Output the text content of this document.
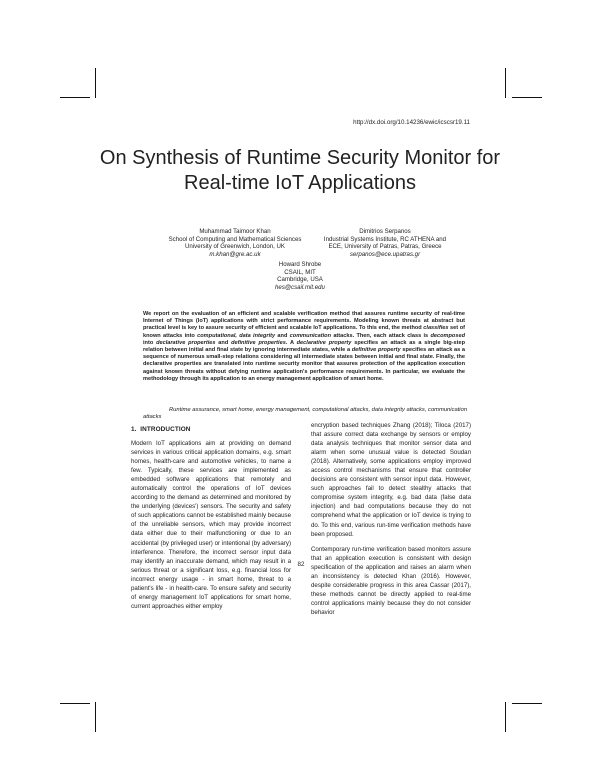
http://dx.doi.org/10.14236/ewic/icscsr19.11
On Synthesis of Runtime Security Monitor for
Real-time IoT Applications
Muhammad Taimoor Khan
School of Computing and Mathematical Sciences
University of Greenwich, London, UK
m.khan@gre.ac.uk
Dimitrios Serpanos
Industrial Systems Institute, RC ATHENA and
ECE, University of Patras, Patras, Greece
serpanos@ece.upatras.gr
Howard Shrobe
CSAIL, MIT
Cambridge, USA
hes@csail.mit.edu
We report on the evaluation of an efficient and scalable verification method that assures runtime security of real-time Internet of Things (IoT) applications with strict performance requirements. Modeling known threats at abstract but practical level is key to assure security of efficient and scalable IoT applications. To this end, the method classifies set of known attacks into computational, data integrity and communication attacks. Then, each attack class is decomposed into declarative properties and definitive properties. A declarative property specifies an attack as a single big-step relation between initial and final state by ignoring intermediate states, while a definitive property specifies an attack as a sequence of numerous small-step relations considering all intermediate states between initial and final state. Finally, the declarative properties are translated into runtime security monitor that assures protection of the application execution against known threats without defying runtime application's performance requirements. In particular, we evaluate the methodology through its application to an energy management application of smart home.
Runtime assurance, smart home, energy management, computational attacks, data integrity attacks, communication attacks
1. INTRODUCTION

Modern IoT applications aim at providing on demand services in various critical application domains, e.g. smart homes, health-care and automotive vehicles, to name a few. Typically, these services are implemented as embedded software applications that remotely and automatically control the operations of IoT devices according to the demand as determined and monitored by the underlying (devices') sensors. The security and safety of such applications cannot be established mainly because of the unreliable sensors, which may provide incorrect data either due to their malfunctioning or due to an accidental (by privileged user) or intentional (by adversary) interference. Therefore, the incorrect sensor input data may identify an inaccurate demand, which may result in a serious threat or a significant loss, e.g. financial loss for incorrect energy usage - in smart home, threat to a patient's life - in health-care. To ensure safety and security of energy management IoT applications for smart home, current approaches either employ

encryption based techniques Zhang (2018); Tiloca (2017) that assure correct data exchange by sensors or employ data analysis techniques that monitor sensor data and alarm when some unusual value is detected Soudan (2018). Alternatively, some applications employ improved access control mechanisms that ensure that controller decisions are consistent with sensor input data. However, such approaches fail to detect stealthy attacks that compromise system integrity, e.g. bad data (false data injection) and bad computations because they do not comprehend what the application or IoT device is trying to do. To this end, various run-time verification methods have been proposed.

Contemporary run-time verification based monitors assure that an application execution is consistent with design specification of the application and raises an alarm when an inconsistency is detected Khan (2016). However, despite considerable progress in this area Cassar (2017), these methods cannot be directly applied to real-time control applications mainly because they do not consider behavior

82
